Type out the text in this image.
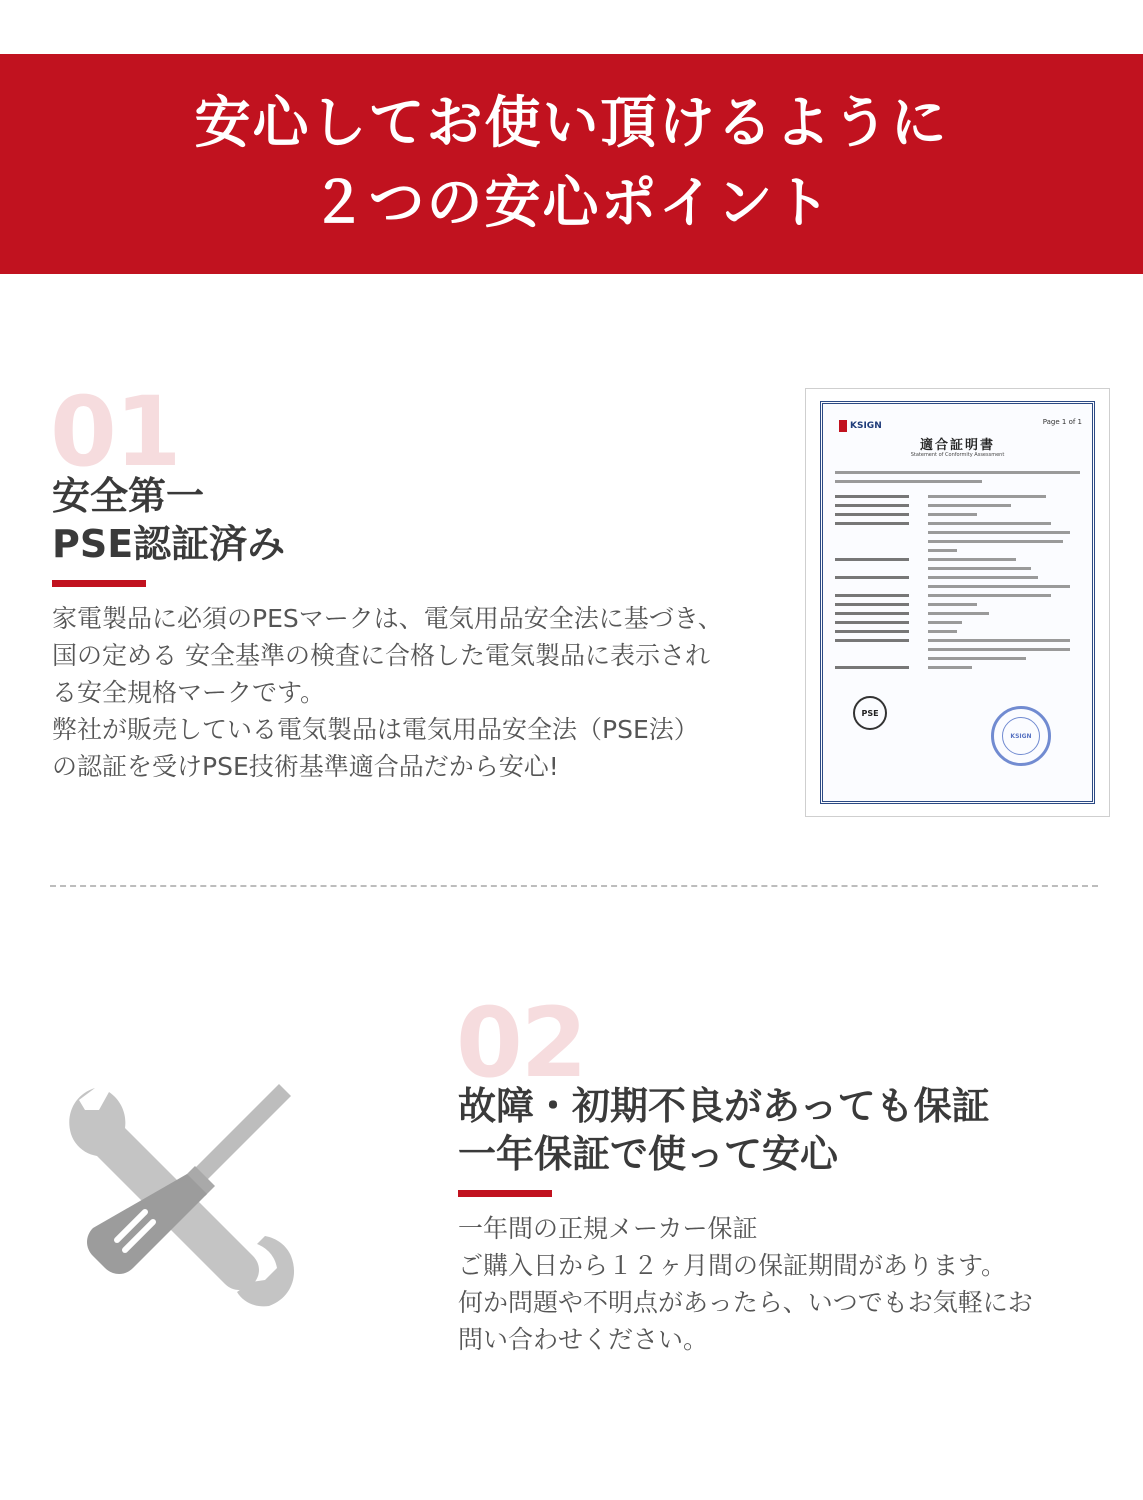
安心してお使い頂けるように
２つの安心ポイント
01
安全第一
PSE認証済み
家電製品に必須のPESマークは、電気用品安全法に基づき、
国の定める 安全基準の検査に合格した電気製品に表示され
る安全規格マークです。
弊社が販売している電気製品は電気用品安全法（PSE法）
の認証を受けPSE技術基準適合品だから安心!
KSIGN	Page 1 of 1
適合証明書
Statement of Conformity Assessment
PSE
KSIGN
02
故障・初期不良があっても保証
一年保証で使って安心
一年間の正規メーカー保証
ご購入日から１２ヶ月間の保証期間があります。
何か問題や不明点があったら、いつでもお気軽にお
問い合わせください。
